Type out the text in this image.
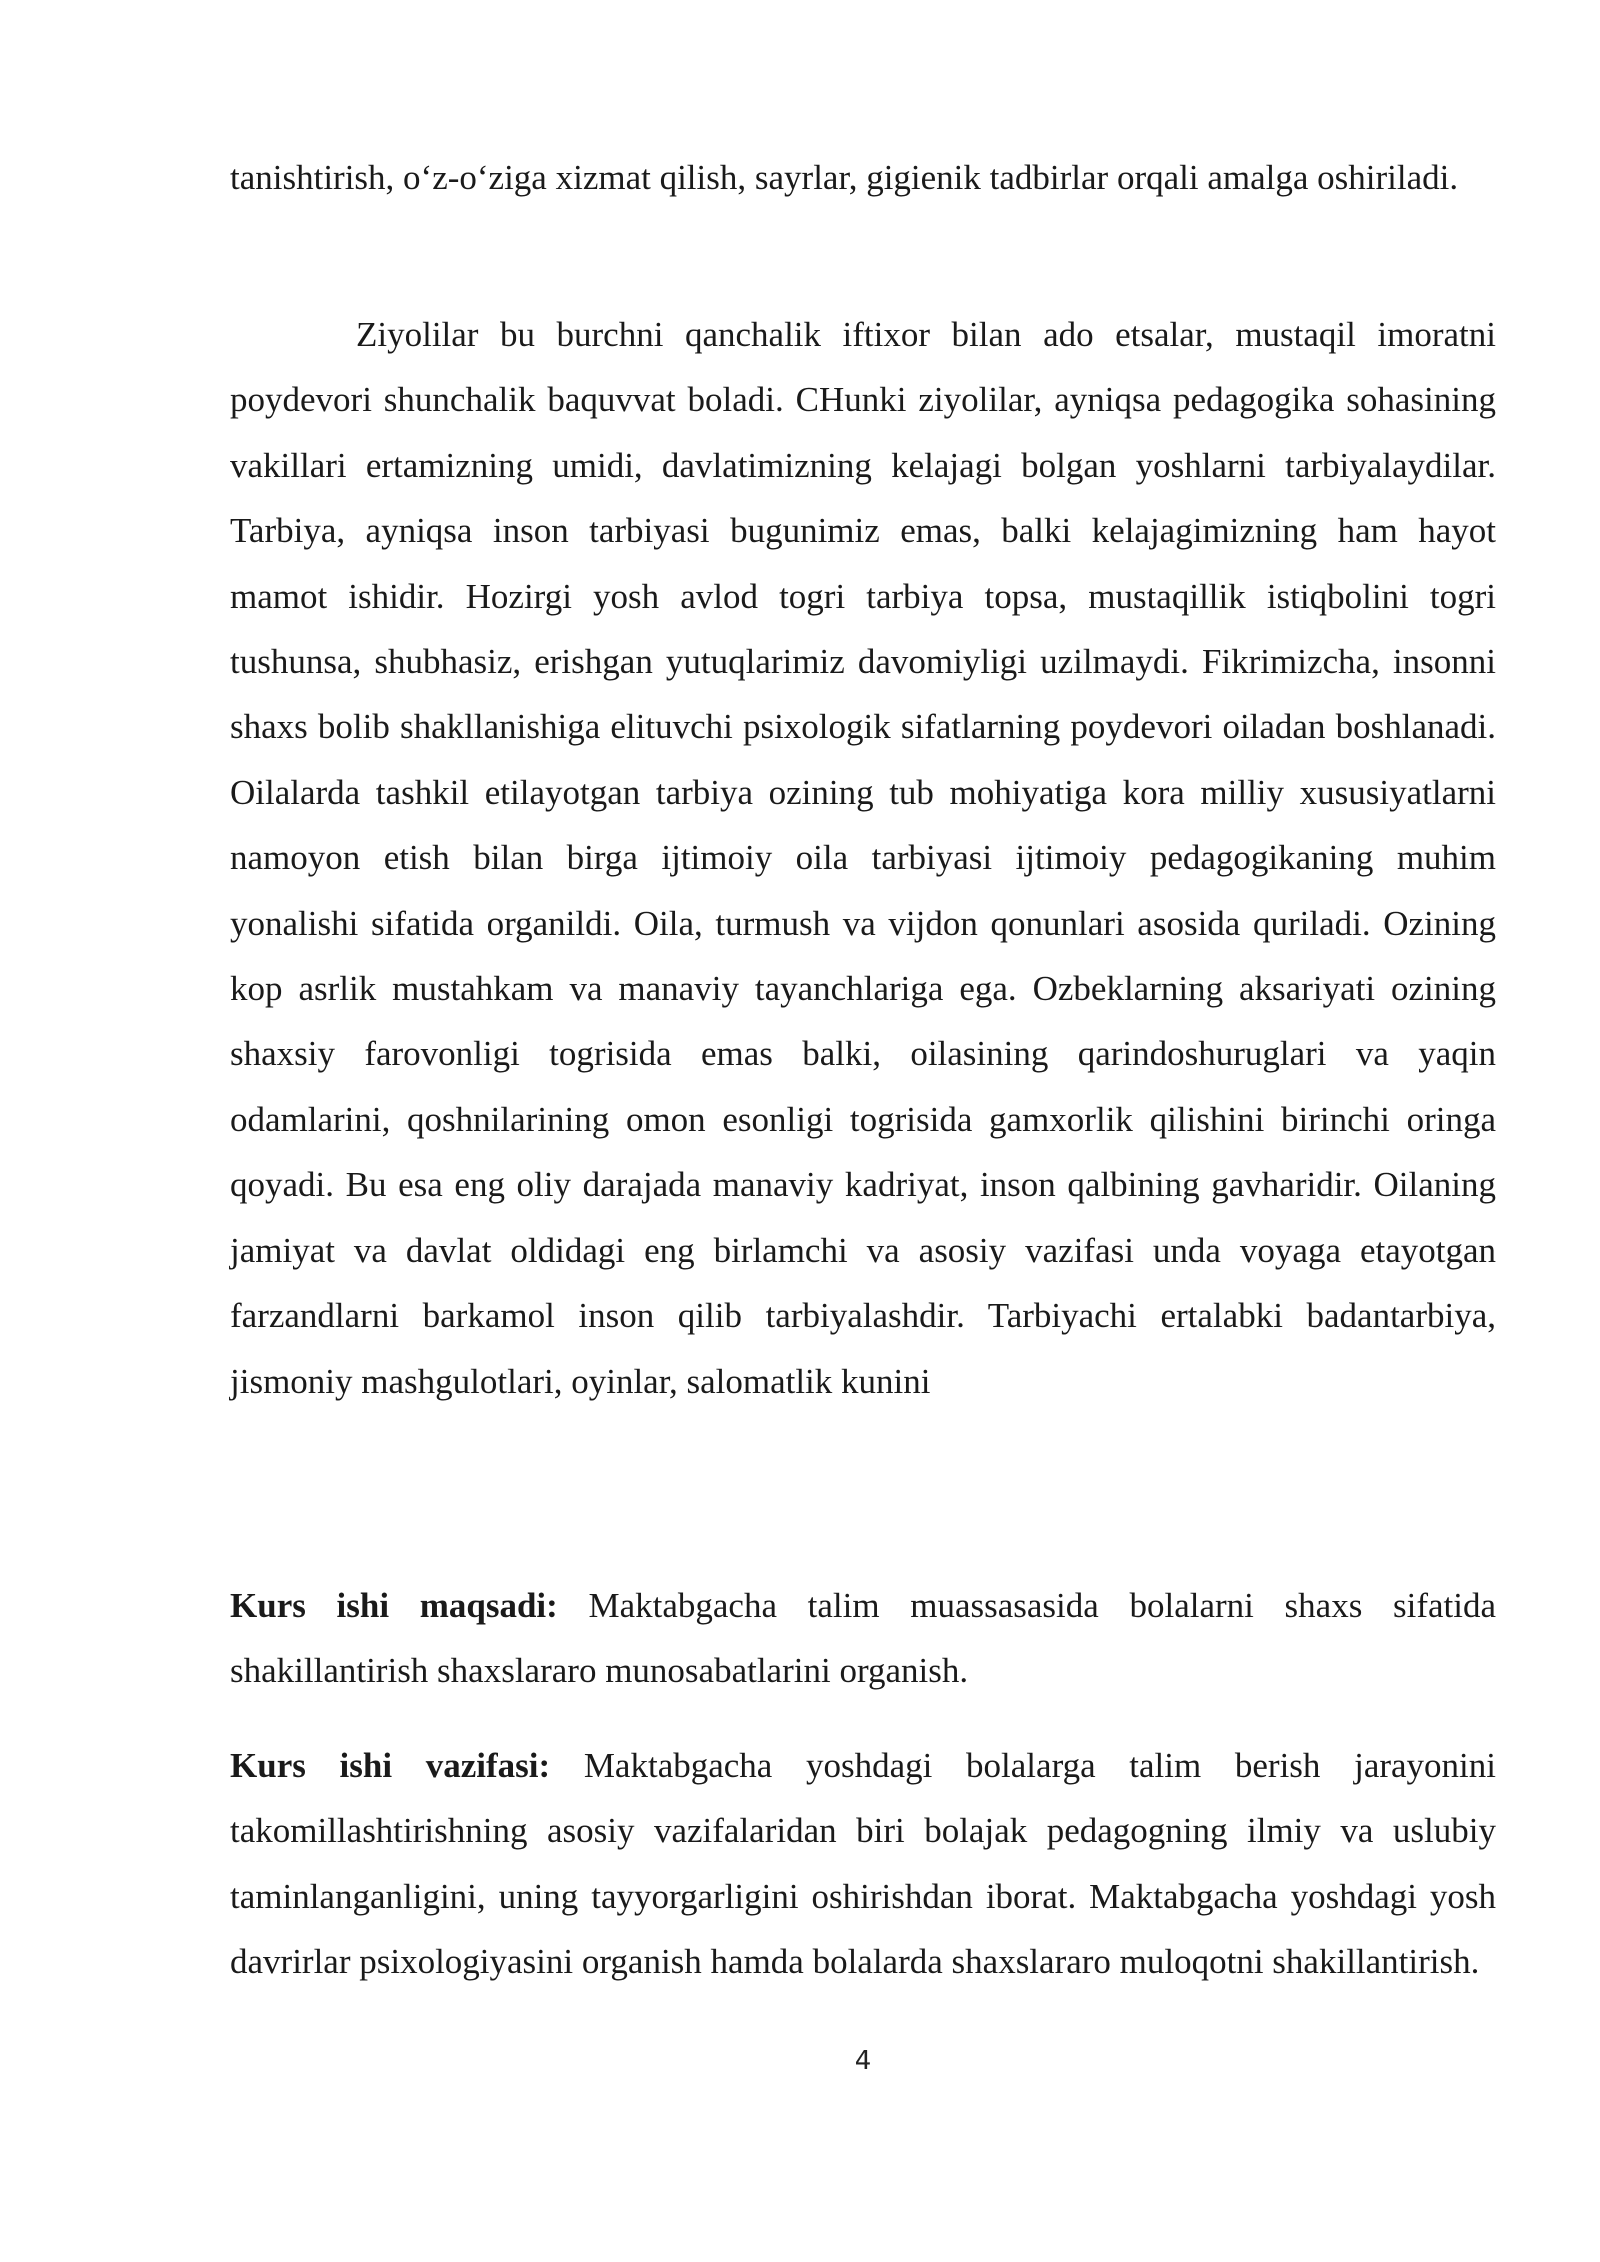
tanishtirish, o‘z-o‘ziga xizmat qilish, sayrlar, gigienik tadbirlar orqali amalga oshiriladi.

Ziyolilar bu burchni qanchalik iftixor bilan ado etsalar, mustaqil imoratni poydevori shunchalik baquvvat boladi. CHunki ziyolilar, ayniqsa pedagogika sohasining vakillari ertamizning umidi, davlatimizning kelajagi bolgan yoshlarni tarbiyalaydilar. Tarbiya, ayniqsa inson tarbiyasi bugunimiz emas, balki kelajagimizning ham hayot mamot ishidir. Hozirgi yosh avlod togri tarbiya topsa, mustaqillik istiqbolini togri tushunsa, shubhasiz, erishgan yutuqlarimiz davomiyligi uzilmaydi. Fikrimizcha, insonni shaxs bolib shakllanishiga elituvchi psixologik sifatlarning poydevori oiladan boshlanadi. Oilalarda tashkil etilayotgan tarbiya ozining tub mohiyatiga kora milliy xususiyatlarni namoyon etish bilan birga ijtimoiy oila tarbiyasi ijtimoiy pedagogikaning muhim yonalishi sifatida organildi. Oila, turmush va vijdon qonunlari asosida quriladi. Ozining kop asrlik mustahkam va manaviy tayanchlariga ega. Ozbeklarning aksariyati ozining shaxsiy farovonligi togrisida emas balki, oilasining qarindoshuruglari va yaqin odamlarini, qoshnilarining omon esonligi togrisida gamxorlik qilishini birinchi oringa qoyadi. Bu esa eng oliy darajada manaviy kadriyat, inson qalbining gavharidir. Oilaning jamiyat va davlat oldidagi eng birlamchi va asosiy vazifasi unda voyaga etayotgan farzandlarni barkamol inson qilib tarbiyalashdir. Tarbiyachi ertalabki badantarbiya, jismoniy mashgulotlari, oyinlar, salomatlik kunini

Kurs ishi maqsadi: Maktabgacha talim muassasasida bolalarni shaxs sifatida shakillantirish shaxslararo munosabatlarini organish.

Kurs ishi vazifasi: Maktabgacha yoshdagi bolalarga talim berish jarayonini takomillashtirishning asosiy vazifalaridan biri bolajak pedagogning ilmiy va uslubiy taminlanganligini, uning tayyorgarligini oshirishdan iborat. Maktabgacha yoshdagi yosh davrirlar psixologiyasini organish hamda bolalarda shaxslararo muloqotni shakillantirish.

4
